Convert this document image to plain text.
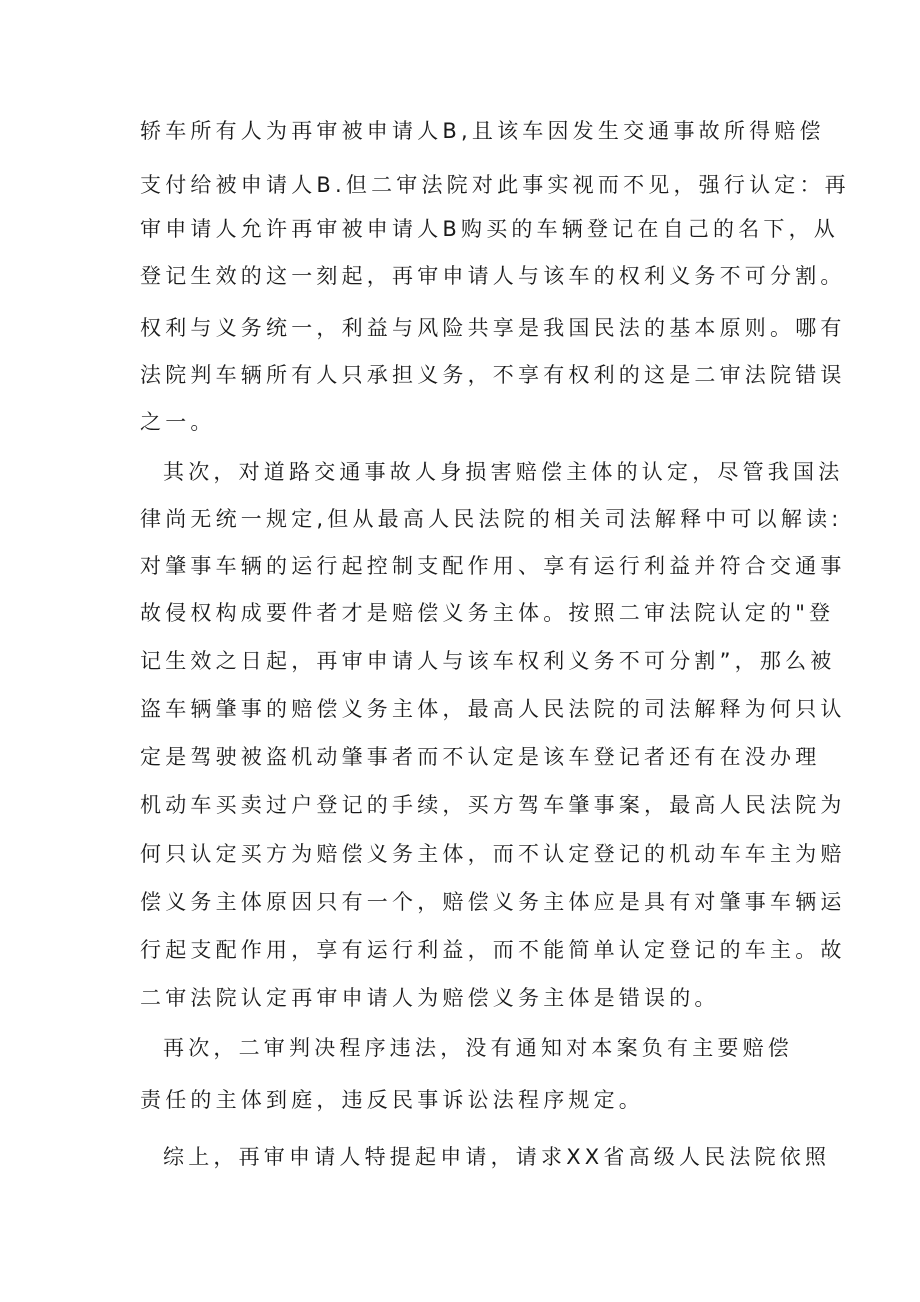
轿车所有人为再审被申请人B,且该车因发生交通事故所得赔偿

支付给被申请人B.但二审法院对此事实视而不见，强行认定：再

审申请人允许再审被申请人B购买的车辆登记在自己的名下，从

登记生效的这一刻起，再审申请人与该车的权利义务不可分割。

权利与义务统一，利益与风险共享是我国民法的基本原则。哪有

法院判车辆所有人只承担义务，不享有权利的这是二审法院错误

之一。

其次，对道路交通事故人身损害赔偿主体的认定，尽管我国法

律尚无统一规定,但从最高人民法院的相关司法解释中可以解读:

对肇事车辆的运行起控制支配作用、享有运行利益并符合交通事

故侵权构成要件者才是赔偿义务主体。按照二审法院认定的"登

记生效之日起，再审申请人与该车权利义务不可分割”，那么被

盗车辆肇事的赔偿义务主体，最高人民法院的司法解释为何只认

定是驾驶被盗机动肇事者而不认定是该车登记者还有在没办理

机动车买卖过户登记的手续，买方驾车肇事案，最高人民法院为

何只认定买方为赔偿义务主体，而不认定登记的机动车车主为赔

偿义务主体原因只有一个，赔偿义务主体应是具有对肇事车辆运

行起支配作用，享有运行利益，而不能简单认定登记的车主。故

二审法院认定再审申请人为赔偿义务主体是错误的。

再次，二审判决程序违法，没有通知对本案负有主要赔偿

责任的主体到庭，违反民事诉讼法程序规定。

综上，再审申请人特提起申请，请求XX省高级人民法院依照
